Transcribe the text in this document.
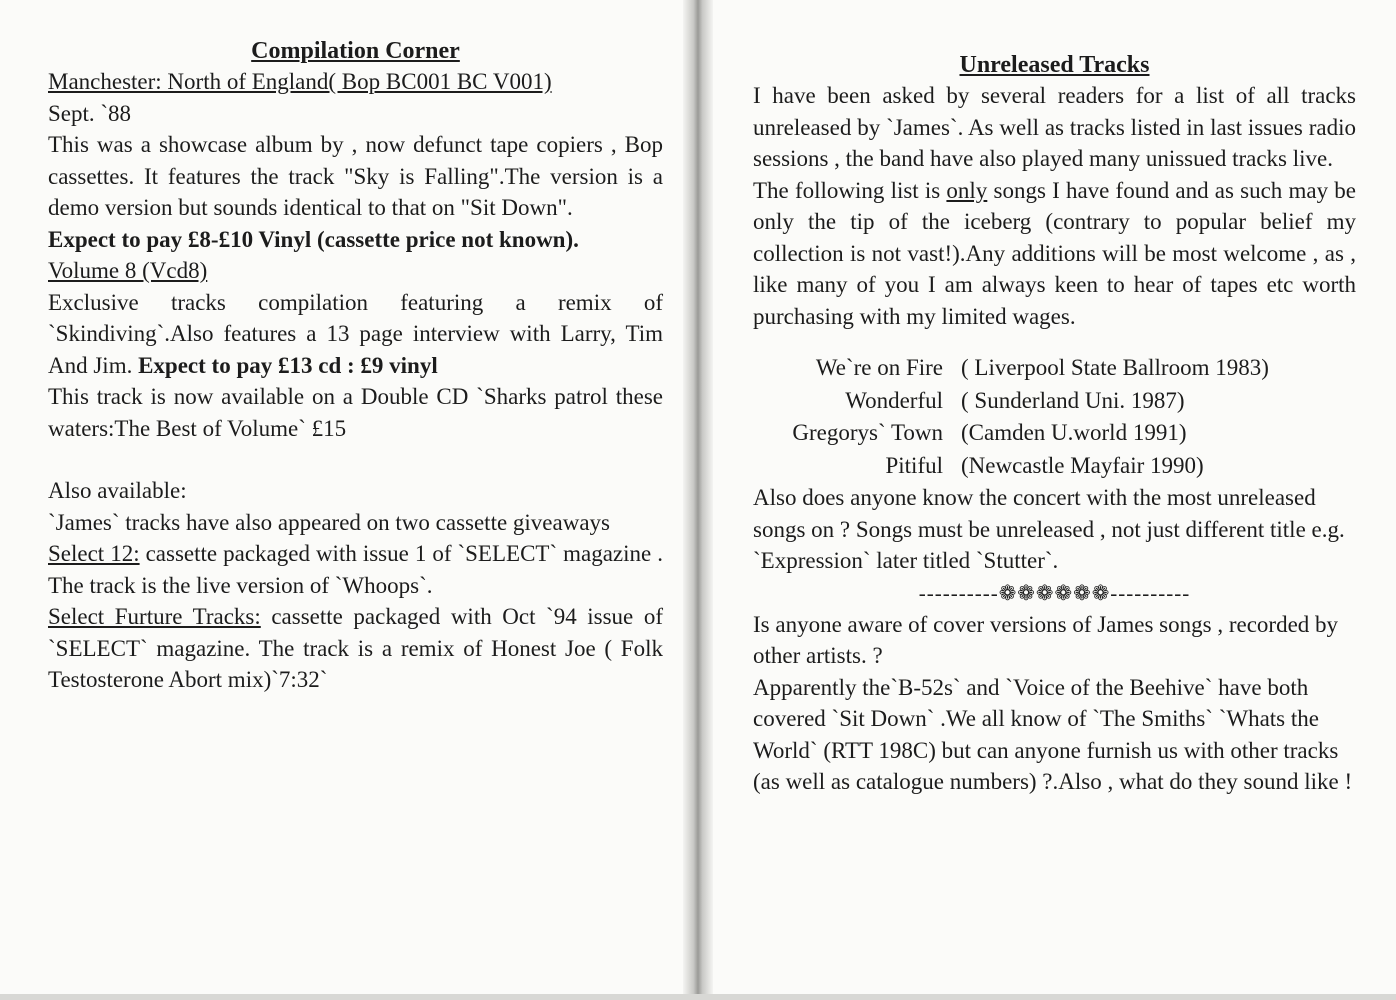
Compilation Corner

Manchester: North of England( Bop BC001 BC V001)

Sept. `88

This was a showcase album by , now defunct tape copiers , Bop cassettes. It features the track "Sky is Falling".The version is a demo version but sounds identical to that on "Sit Down".

Expect to pay £8-£10 Vinyl (cassette price not known).

Volume 8 (Vcd8)

Exclusive tracks compilation featuring a remix of `Skindiving`.Also features a 13 page interview with Larry, Tim And Jim. Expect to pay £13 cd : £9 vinyl

This track is now available on a Double CD `Sharks patrol these waters:The Best of Volume` £15

Also available:

`James` tracks have also appeared on two cassette giveaways

Select 12: cassette packaged with issue 1 of `SELECT` magazine . The track is the live version of `Whoops`.

Select Furture Tracks: cassette packaged with Oct `94 issue of `SELECT` magazine. The track is a remix of Honest Joe ( Folk Testosterone Abort mix)`7:32`

Unreleased Tracks

I have been asked by several readers for a list of all tracks unreleased by `James`. As well as tracks listed in last issues radio sessions , the band have also played many unissued tracks live.

The following list is only songs I have found and as such may be only the tip of the iceberg (contrary to popular belief my collection is not vast!).Any additions will be most welcome , as , like many of you I am always keen to hear of tapes etc worth purchasing with my limited wages.

We`re on Fire ( Liverpool State Ballroom 1983)
Wonderful ( Sunderland Uni. 1987)
Gregorys` Town (Camden U.world 1991)
Pitiful (Newcastle Mayfair 1990)

Also does anyone know the concert with the most unreleased songs on ? Songs must be unreleased , not just different title e.g. `Expression` later titled `Stutter`.

----------❁❁❁❁❁❁----------

Is anyone aware of cover versions of James songs , recorded by other artists. ?

Apparently the`B-52s` and `Voice of the Beehive` have both covered `Sit Down` .We all know of `The Smiths` `Whats the World` (RTT 198C) but can anyone furnish us with other tracks (as well as catalogue numbers) ?.Also , what do they sound like !
